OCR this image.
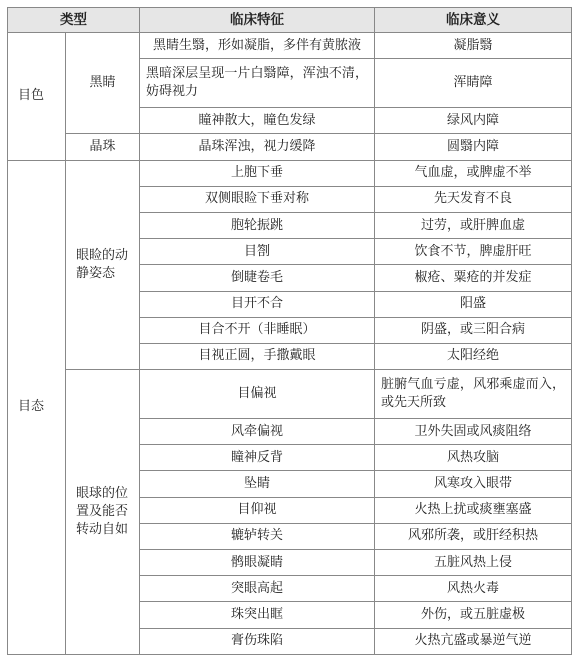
类型		临床特征	临床意义
目色	黑睛	黑睛生翳，形如凝脂，多伴有黄脓液	凝脂翳
		黑暗深层呈现一片白翳障，浑浊不清，妨碍视力	浑睛障
		瞳神散大，瞳色发绿	绿风内障
	晶珠	晶珠浑浊，视力缓降	圆翳内障
目态	眼睑的动静姿态	上胞下垂	气血虚，或脾虚不举
		双侧眼睑下垂对称	先天发育不良
		胞轮振跳	过劳，或肝脾血虚
		目劄	饮食不节，脾虚肝旺
		倒睫卷毛	椒疮、粟疮的并发症
		目开不合	阳盛
		目合不开（非睡眠）	阴盛，或三阳合病
		目视正圆，手撒戴眼	太阳经绝
	眼球的位置及能否转动自如	目偏视	脏腑气血亏虚，风邪乘虚而入，或先天所致
		风牵偏视	卫外失固或风痰阻络
		瞳神反背	风热攻脑
		坠睛	风寒攻入眼带
		目仰视	火热上扰或痰壅塞盛
		辘轳转关	风邪所袭，或肝经积热
		鹘眼凝睛	五脏风热上侵
		突眼高起	风热火毒
		珠突出眶	外伤，或五脏虚极
		膏伤珠陷	火热亢盛或暴逆气逆
